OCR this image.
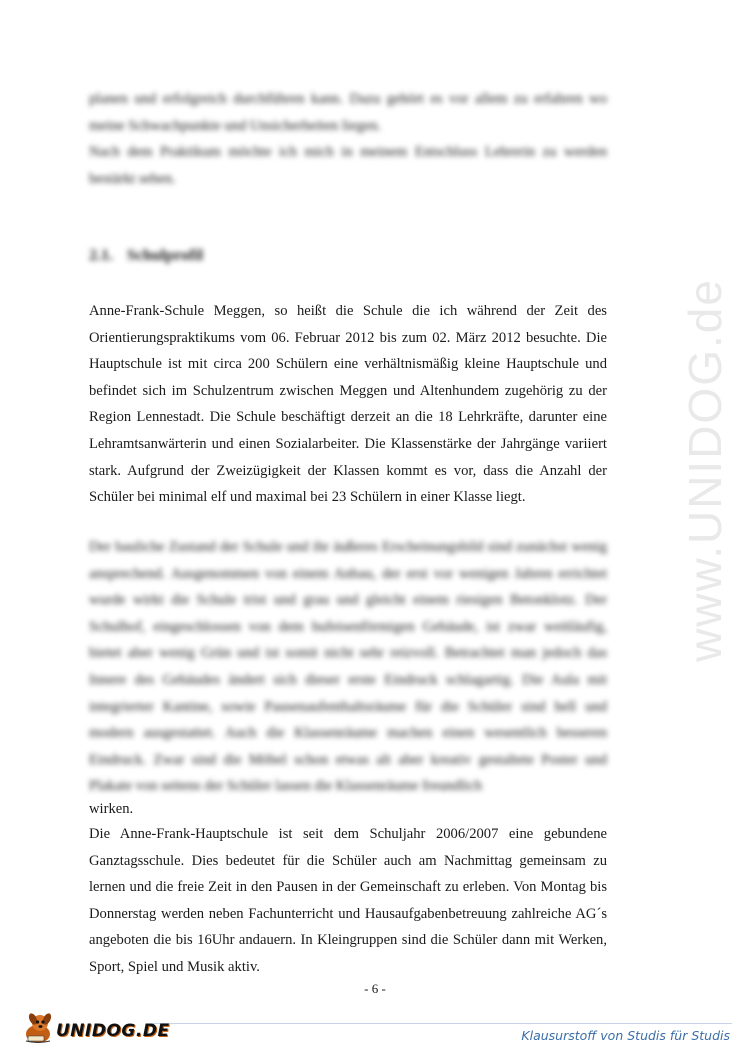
www.UNIDOG.de

planen und erfolgreich durchführen kann. Dazu gehört es vor allem zu erfahren wo meine Schwachpunkte und Unsicherheiten liegen.

Nach dem Praktikum möchte ich mich in meinem Entschluss Lehrerin zu werden bestärkt sehen.

2.1. Schulprofil

Anne-Frank-Schule Meggen, so heißt die Schule die ich während der Zeit des Orientierungspraktikums vom 06. Februar 2012 bis zum 02. März 2012 besuchte. Die Hauptschule ist mit circa 200 Schülern eine verhältnismäßig kleine Hauptschule und befindet sich im Schulzentrum zwischen Meggen und Altenhundem zugehörig zu der Region Lennestadt. Die Schule beschäftigt derzeit an die 18 Lehrkräfte, darunter eine Lehramtsanwärterin und einen Sozialarbeiter. Die Klassenstärke der Jahrgänge variiert stark. Aufgrund der Zweizügigkeit der Klassen kommt es vor, dass die Anzahl der Schüler bei minimal elf und maximal bei 23 Schülern in einer Klasse liegt.

Der bauliche Zustand der Schule und ihr äußeres Erscheinungsbild sind zunächst wenig ansprechend. Ausgenommen von einem Anbau, der erst vor wenigen Jahren errichtet wurde wirkt die Schule trist und grau und gleicht einem riesigen Betonklotz. Der Schulhof, eingeschlossen von dem hufeisenförmigen Gebäude, ist zwar weitläufig, bietet aber wenig Grün und ist somit nicht sehr reizvoll. Betrachtet man jedoch das Innere des Gebäudes ändert sich dieser erste Eindruck schlagartig. Die Aula mit integrierter Kantine, sowie Pausenaufenthaltsräume für die Schüler sind hell und modern ausgestattet. Auch die Klassenräume machen einen wesentlich besseren Eindruck. Zwar sind die Möbel schon etwas alt aber kreativ gestaltete Poster und Plakate von seitens der Schüler lassen die Klassenräume freundlich

wirken.

Die Anne-Frank-Hauptschule ist seit dem Schuljahr 2006/2007 eine gebundene Ganztagsschule. Dies bedeutet für die Schüler auch am Nachmittag gemeinsam zu lernen und die freie Zeit in den Pausen in der Gemeinschaft zu erleben. Von Montag bis Donnerstag werden neben Fachunterricht und Hausaufgabenbetreuung zahlreiche AG´s angeboten die bis 16Uhr andauern. In Kleingruppen sind die Schüler dann mit Werken, Sport, Spiel und Musik aktiv.

- 6 -
UNIDOG.DE	Klausurstoff von Studis für Studis
